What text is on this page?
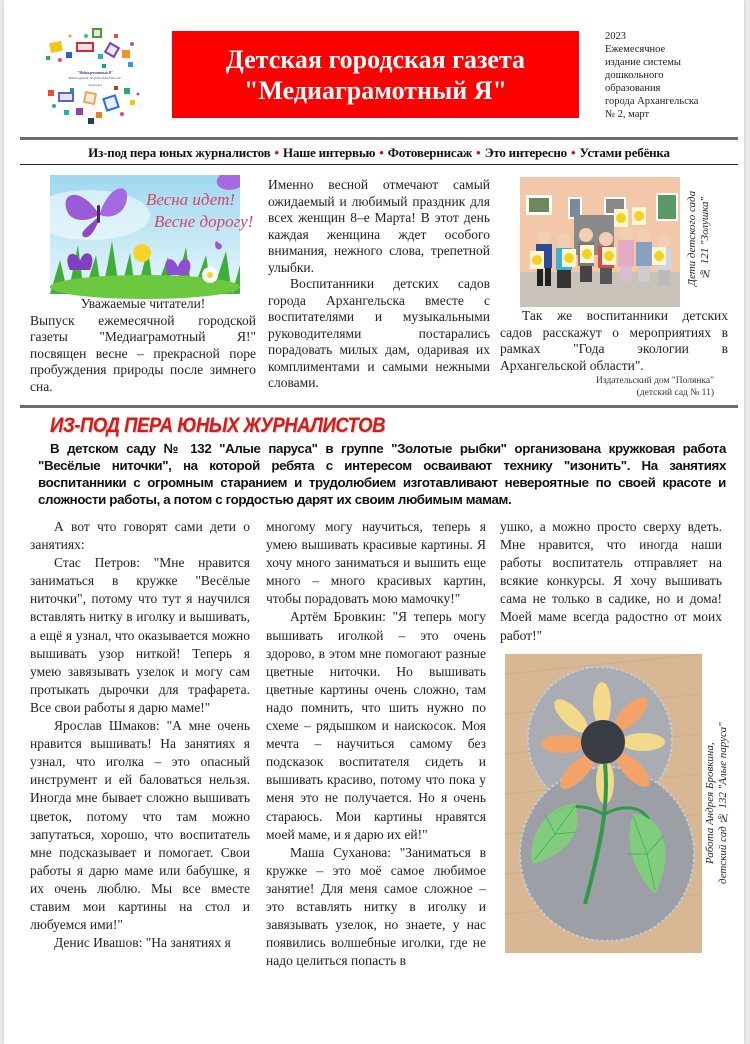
"Медиаграмотный Я"
Медиа-проект "Я среди детей России"
Архангельск
Детская городская газета
"Медиаграмотный Я"
2023
Ежемесячное
издание системы
дошкольного
образования
города Архангельска
№ 2, март
Из-под пера юных журналистов • Наше интервью • Фотовернисаж • Это интересно • Устами ребёнка
Весна идет!
Весне дорогу!

Уважаемые читатели!

Выпуск ежемесячной городской газеты "Медиаграмотный Я!" посвящен весне – прекрасной поре пробуждения природы после зимнего сна.

Именно весной отмечают самый ожидаемый и любимый праздник для всех женщин 8–е Марта! В этот день каждая женщина ждет особого внимания, нежного слова, трепетной улыбки.

Воспитанники детских садов города Архангельска вместе с воспитателями и музыкальными руководителями постарались порадовать милых дам, одаривая их комплиментами и самыми нежными словами.

Дети детского сада № 121 "Золушка"

Так же воспитанники детских садов расскажут о мероприятиях в рамках "Года экологии в Архангельской области".

Издательский дом "Полянка"
(детский сад № 11)
ИЗ-ПОД ПЕРА ЮНЫХ ЖУРНАЛИСТОВ
В детском саду № 132 "Алые паруса" в группе "Золотые рыбки" организована кружковая работа "Весёлые ниточки", на которой ребята с интересом осваивают технику "изонить". На занятиях воспитанники с огромным старанием и трудолюбием изготавливают невероятные по своей красоте и сложности работы, а потом с гордостью дарят их своим любимым мамам.

А вот что говорят сами дети о занятиях:

Стас Петров: "Мне нравится заниматься в кружке "Весёлые ниточки", потому что тут я научился вставлять нитку в иголку и вышивать, а ещё я узнал, что оказывается можно вышивать узор ниткой! Теперь я умею завязывать узелок и могу сам протыкать дырочки для трафарета. Все свои работы я дарю маме!"

Ярослав Шмаков: "А мне очень нравится вышивать! На занятиях я узнал, что иголка – это опасный инструмент и ей баловаться нельзя. Иногда мне бывает сложно вышивать цветок, потому что там можно запутаться, хорошо, что воспитатель мне подсказывает и помогает. Свои работы я дарю маме или бабушке, я их очень люблю. Мы все вместе ставим мои картины на стол и любуемся ими!"

Денис Ивашов: "На занятиях я

многому могу научиться, теперь я умею вышивать красивые картины. Я хочу много заниматься и вышить еще много – много красивых картин, чтобы порадовать мою мамочку!"

Артём Бровкин: "Я теперь могу вышивать иголкой – это очень здорово, в этом мне помогают разные цветные ниточки. Но вышивать цветные картины очень сложно, там надо помнить, что шить нужно по схеме – рядышком и наискосок. Моя мечта – научиться самому без подсказок воспитателя сидеть и вышивать красиво, потому что пока у меня это не получается. Но я очень стараюсь. Мои картины нравятся моей маме, и я дарю их ей!"

Маша Суханова: "Заниматься в кружке – это моё самое любимое занятие! Для меня самое сложное – это вставлять нитку в иголку и завязывать узелок, но знаете, у нас появились волшебные иголки, где не надо целиться попасть в

ушко, а можно просто сверху вдеть. Мне нравится, что иногда наши работы воспитатель отправляет на всякие конкурсы. Я хочу вышивать сама не только в садике, но и дома! Моей маме всегда радостно от моих работ!"

Работа Андрея Бровкина, детский сад № 132 "Алые паруса"
